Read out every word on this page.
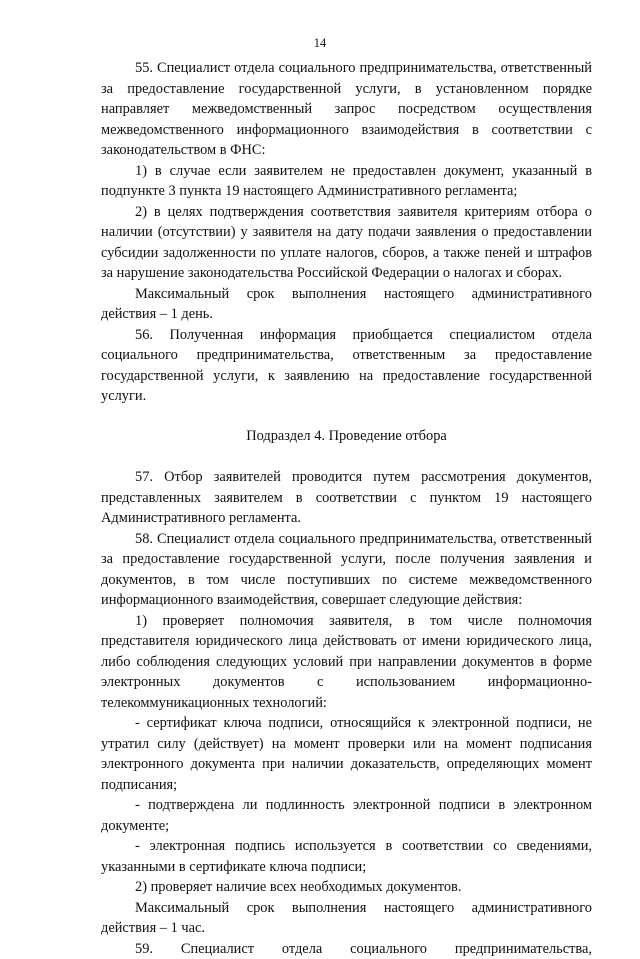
14

55. Специалист отдела социального предпринимательства, ответственный за предоставление государственной услуги, в установленном порядке направляет межведомственный запрос посредством осуществления межведомственного информационного взаимодействия в соответствии с законодательством в ФНС:

1) в случае если заявителем не предоставлен документ, указанный в подпункте 3 пункта 19 настоящего Административного регламента;

2) в целях подтверждения соответствия заявителя критериям отбора о наличии (отсутствии) у заявителя на дату подачи заявления о предоставлении субсидии задолженности по уплате налогов, сборов, а также пеней и штрафов за нарушение законодательства Российской Федерации о налогах и сборах.

Максимальный срок выполнения настоящего административного действия – 1 день.

56. Полученная информация приобщается специалистом отдела социального предпринимательства, ответственным за предоставление государственной услуги, к заявлению на предоставление государственной услуги.

Подраздел 4. Проведение отбора

57. Отбор заявителей проводится путем рассмотрения документов, представленных заявителем в соответствии с пунктом 19 настоящего Административного регламента.

58. Специалист отдела социального предпринимательства, ответственный за предоставление государственной услуги, после получения заявления и документов, в том числе поступивших по системе межведомственного информационного взаимодействия, совершает следующие действия:

1) проверяет полномочия заявителя, в том числе полномочия представителя юридического лица действовать от имени юридического лица, либо соблюдения следующих условий при направлении документов в форме электронных документов с использованием информационно-телекоммуникационных технологий:

- сертификат ключа подписи, относящийся к электронной подписи, не утратил силу (действует) на момент проверки или на момент подписания электронного документа при наличии доказательств, определяющих момент подписания;

- подтверждена ли подлинность электронной подписи в электронном документе;

- электронная подпись используется в соответствии со сведениями, указанными в сертификате ключа подписи;

2) проверяет наличие всех необходимых документов.

Максимальный срок выполнения настоящего административного действия – 1 час.

59. Специалист отдела социального предпринимательства,
